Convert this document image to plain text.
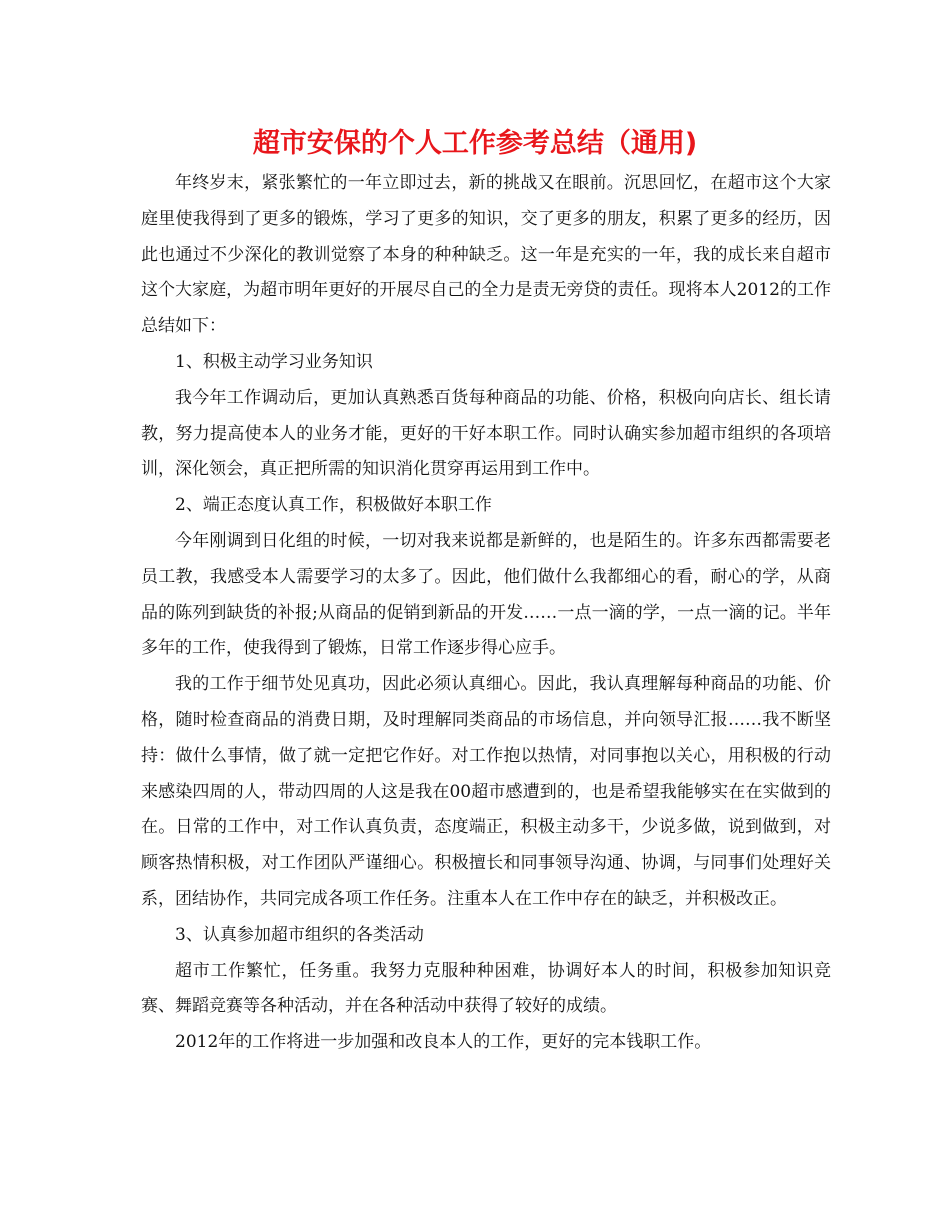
超市安保的个人工作参考总结（通用)

年终岁末，紧张繁忙的一年立即过去，新的挑战又在眼前。沉思回忆，在超市这个大家庭里使我得到了更多的锻炼，学习了更多的知识，交了更多的朋友，积累了更多的经历，因此也通过不少深化的教训觉察了本身的种种缺乏。这一年是充实的一年，我的成长来自超市这个大家庭，为超市明年更好的开展尽自己的全力是责无旁贷的责任。现将本人2012的工作总结如下：

1、积极主动学习业务知识

我今年工作调动后，更加认真熟悉百货每种商品的功能、价格，积极向向店长、组长请教，努力提高使本人的业务才能，更好的干好本职工作。同时认确实参加超市组织的各项培训，深化领会，真正把所需的知识消化贯穿再运用到工作中。

2、端正态度认真工作，积极做好本职工作

今年刚调到日化组的时候，一切对我来说都是新鲜的，也是陌生的。许多东西都需要老员工教，我感受本人需要学习的太多了。因此，他们做什么我都细心的看，耐心的学，从商品的陈列到缺货的补报;从商品的促销到新品的开发……一点一滴的学，一点一滴的记。半年多年的工作，使我得到了锻炼，日常工作逐步得心应手。

我的工作于细节处见真功，因此必须认真细心。因此，我认真理解每种商品的功能、价格，随时检查商品的消费日期，及时理解同类商品的市场信息，并向领导汇报……我不断坚持：做什么事情，做了就一定把它作好。对工作抱以热情，对同事抱以关心，用积极的行动来感染四周的人，带动四周的人这是我在00超市感遭到的，也是希望我能够实在在实做到的在。日常的工作中，对工作认真负责，态度端正，积极主动多干，少说多做，说到做到，对顾客热情积极，对工作团队严谨细心。积极擅长和同事领导沟通、协调，与同事们处理好关系，团结协作，共同完成各项工作任务。注重本人在工作中存在的缺乏，并积极改正。

3、认真参加超市组织的各类活动

超市工作繁忙，任务重。我努力克服种种困难，协调好本人的时间，积极参加知识竞赛、舞蹈竞赛等各种活动，并在各种活动中获得了较好的成绩。

2012年的工作将进一步加强和改良本人的工作，更好的完本钱职工作。
